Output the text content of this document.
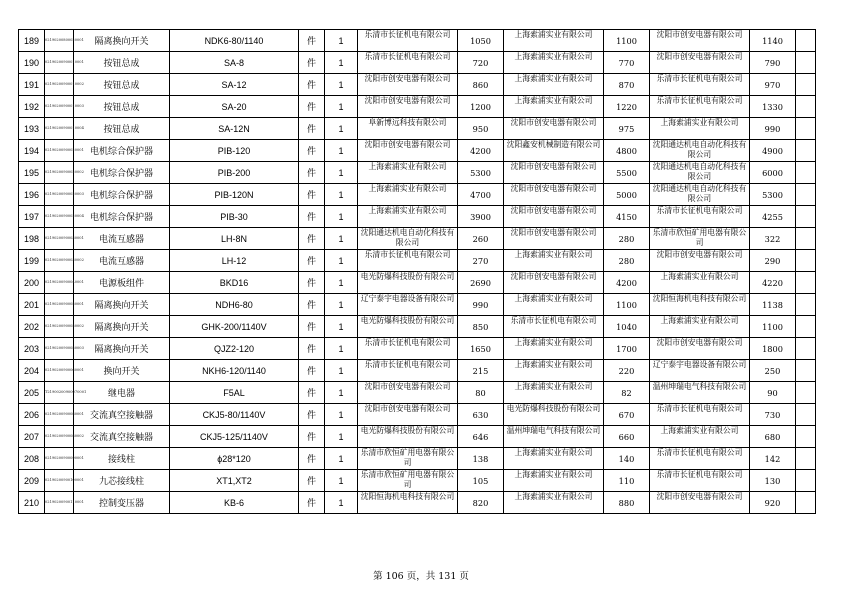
189	02190200800020001	隔离换向开关	NDK6-80/1140	件	1	乐清市长征机电有限公司	1050	上海索浦实业有限公司	1100	沈阳市创安电器有限公司	1140	
190	02190200900010001	按钮总成	SA-8	件	1	乐清市长征机电有限公司	720	上海索浦实业有限公司	770	沈阳市创安电器有限公司	790	
191	02190200900010002	按钮总成	SA-12	件	1	沈阳市创安电器有限公司	860	上海索浦实业有限公司	870	乐清市长征机电有限公司	970	
192	02190200900010003	按钮总成	SA-20	件	1	沈阳市创安电器有限公司	1200	上海索浦实业有限公司	1220	乐清市长征机电有限公司	1330	
193	02190200900010004	按钮总成	SA-12N	件	1	阜新博远科技有限公司	950	沈阳市创安电器有限公司	975	上海索浦实业有限公司	990	
194	02190200900020001	电机综合保护器	PIB-120	件	1	沈阳市创安电器有限公司	4200	沈阳鑫安机械制造有限公司	4800	沈阳通达机电自动化科技有限公司	4900	
195	02190200900020002	电机综合保护器	PIB-200	件	1	上海索浦实业有限公司	5300	沈阳市创安电器有限公司	5500	沈阳通达机电自动化科技有限公司	6000	
196	02190200900020003	电机综合保护器	PIB-120N	件	1	上海索浦实业有限公司	4700	沈阳市创安电器有限公司	5000	沈阳通达机电自动化科技有限公司	5300	
197	02190200900020004	电机综合保护器	PIB-30	件	1	上海索浦实业有限公司	3900	沈阳市创安电器有限公司	4150	乐清市长征机电有限公司	4255	
198	02190200900030001	电流互感器	LH-8N	件	1	沈阳通达机电自动化科技有限公司	260	沈阳市创安电器有限公司	280	乐清市欣恒矿用电器有限公司	322	
199	02190200900030002	电流互感器	LH-12	件	1	乐清市长征机电有限公司	270	上海索浦实业有限公司	280	沈阳市创安电器有限公司	290	
200	02190200900040001	电源板组件	BKD16	件	1	电光防爆科技股份有限公司	2690	沈阳市创安电器有限公司	4200	上海索浦实业有限公司	4220	
201	02190200900050001	隔离换向开关	NDH6-80	件	1	辽宁泰宇电器设备有限公司	990	上海索浦实业有限公司	1100	沈阳恒海机电科技有限公司	1138	
202	02190200900050002	隔离换向开关	GHK-200/1140V	件	1	电光防爆科技股份有限公司	850	乐清市长征机电有限公司	1040	上海索浦实业有限公司	1100	
203	02190200900050003	隔离换向开关	QJZ2-120	件	1	乐清市长征机电有限公司	1650	上海索浦实业有限公司	1700	沈阳市创安电器有限公司	1800	
204	02190200900060001	换向开关	NKH6-120/1140	件	1	乐清市长征机电有限公司	215	上海索浦实业有限公司	220	辽宁泰宇电器设备有限公司	250	
205	T21900200900070001	继电器	F5AL	件	1	沈阳市创安电器有限公司	80	上海索浦实业有限公司	82	温州坤瑞电气科技有限公司	90	
206	02190200900080001	交流真空接触器	CKJ5-80/1140V	件	1	沈阳市创安电器有限公司	630	电光防爆科技股份有限公司	670	乐清市长征机电有限公司	730	
207	02190200900080002	交流真空接触器	CKJ5-125/1140V	件	1	电光防爆科技股份有限公司	646	温州坤瑞电气科技有限公司	660	上海索浦实业有限公司	680	
208	02190200900090001	接线柱	ϕ28*120	件	1	乐清市欣恒矿用电器有限公司	138	上海索浦实业有限公司	140	乐清市长征机电有限公司	142	
209	02190200900100001	九芯接线柱	XT1,XT2	件	1	乐清市欣恒矿用电器有限公司	105	上海索浦实业有限公司	110	乐清市长征机电有限公司	130	
210	02190200900110001	控制变压器	KB-6	件	1	沈阳恒海机电科技有限公司	820	上海索浦实业有限公司	880	沈阳市创安电器有限公司	920	
第 106 页，共 131 页
